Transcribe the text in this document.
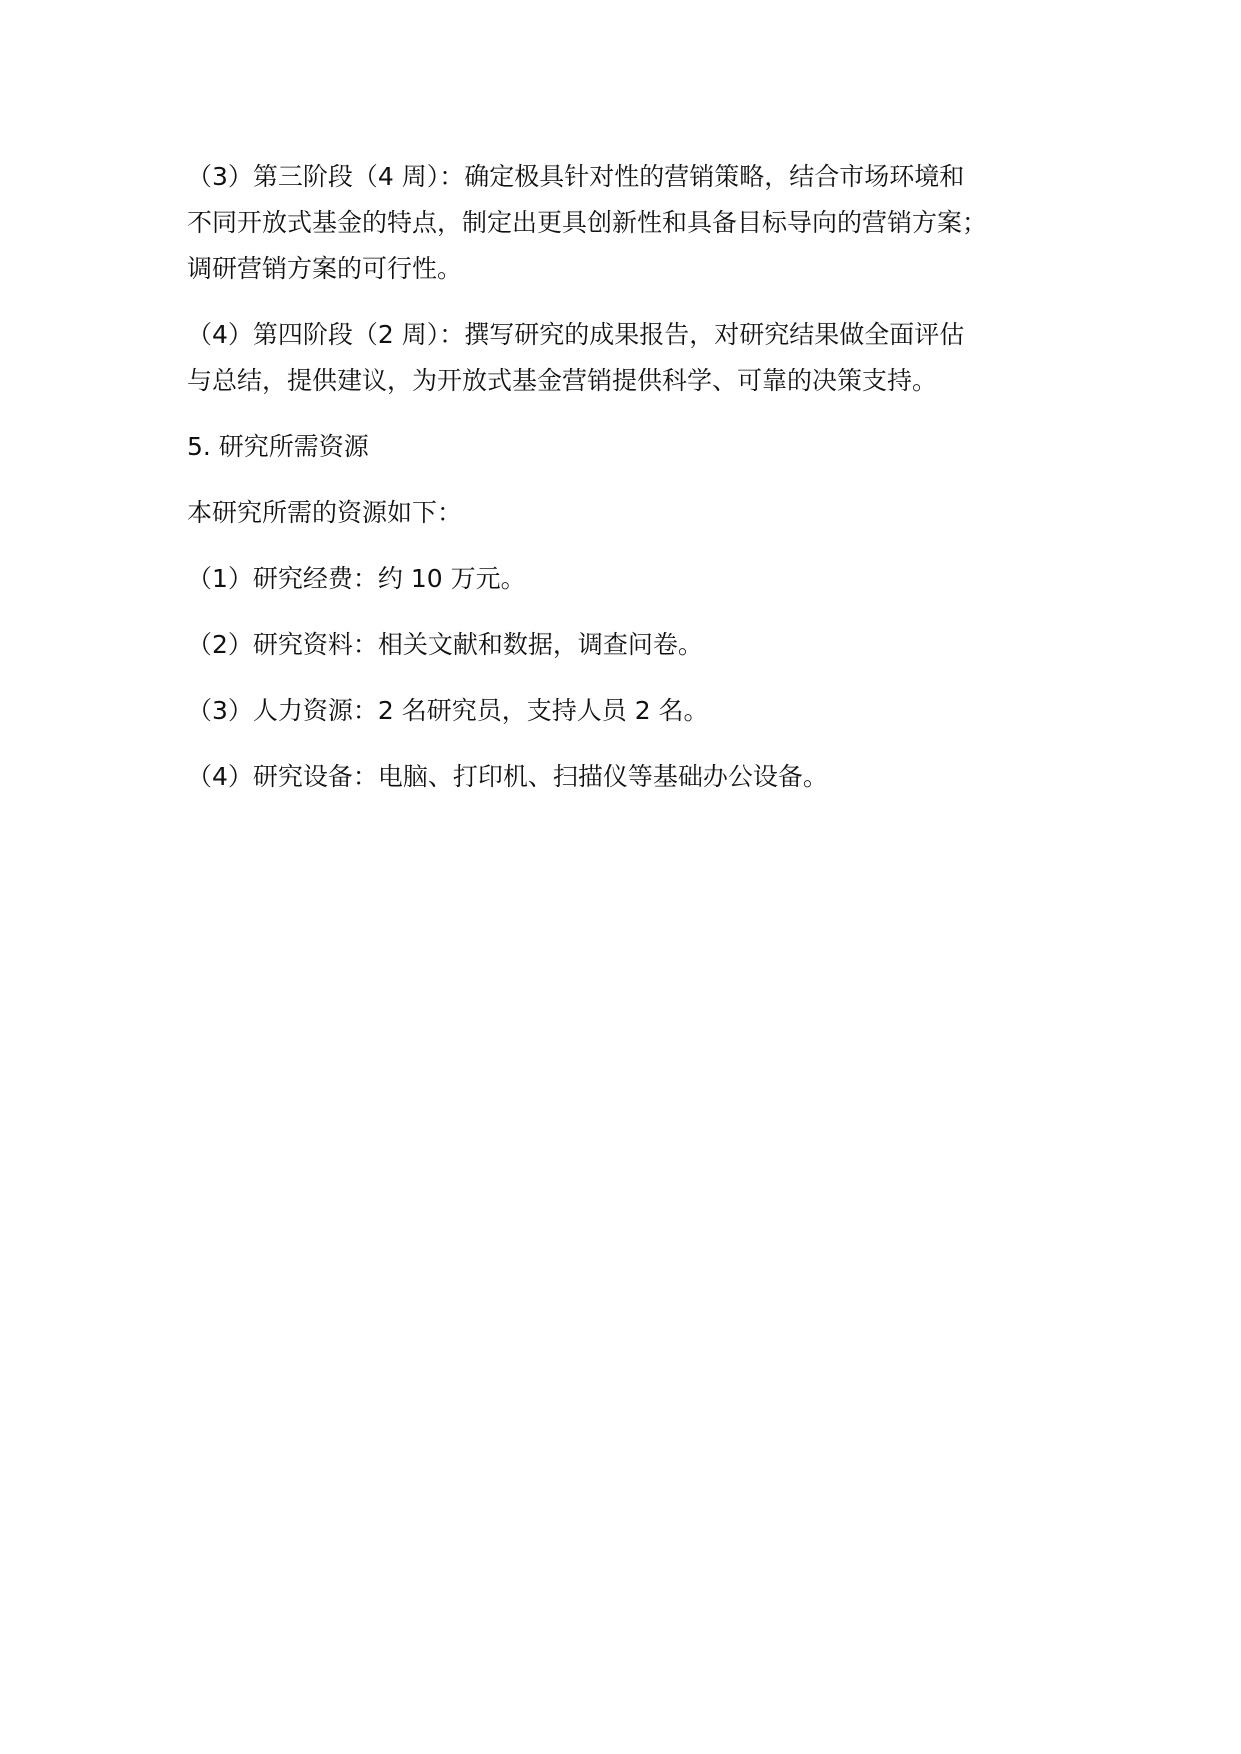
（3）第三阶段（4 周）：确定极具针对性的营销策略，结合市场环境和
不同开放式基金的特点，制定出更具创新性和具备目标导向的营销方案；
调研营销方案的可行性。

（4）第四阶段（2 周）：撰写研究的成果报告，对研究结果做全面评估
与总结，提供建议，为开放式基金营销提供科学、可靠的决策支持。

5. 研究所需资源

本研究所需的资源如下：

（1）研究经费：约 10 万元。

（2）研究资料：相关文献和数据，调查问卷。

（3）人力资源：2 名研究员，支持人员 2 名。

（4）研究设备：电脑、打印机、扫描仪等基础办公设备。
